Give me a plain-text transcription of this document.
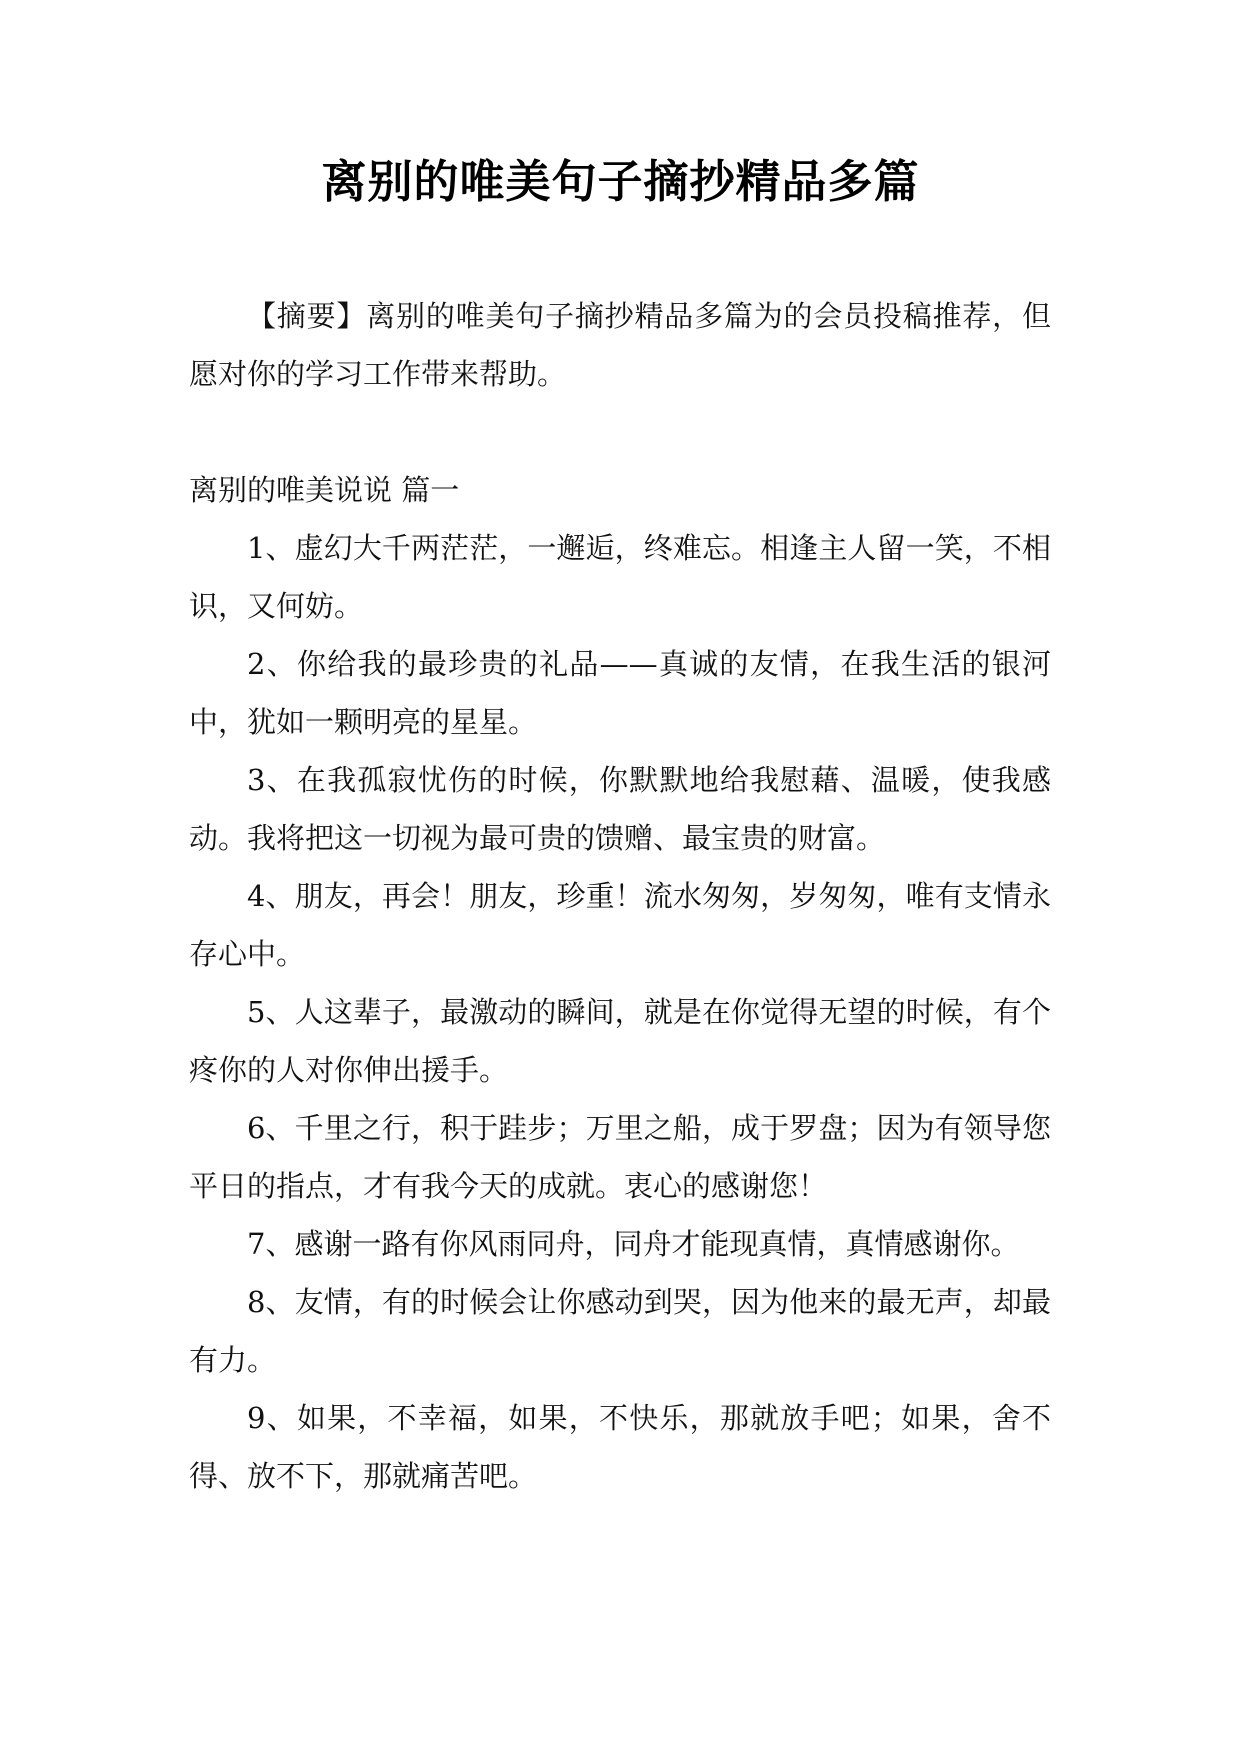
离别的唯美句子摘抄精品多篇

【摘要】离别的唯美句子摘抄精品多篇为的会员投稿推荐，但愿对你的学习工作带来帮助。

离别的唯美说说 篇一

1、虚幻大千两茫茫，一邂逅，终难忘。相逢主人留一笑，不相识，又何妨。

2、你给我的最珍贵的礼品——真诚的友情，在我生活的银河中，犹如一颗明亮的星星。

3、在我孤寂忧伤的时候，你默默地给我慰藉、温暖，使我感动。我将把这一切视为最可贵的馈赠、最宝贵的财富。

4、朋友，再会！朋友，珍重！流水匆匆，岁匆匆，唯有支情永存心中。

5、人这辈子，最激动的瞬间，就是在你觉得无望的时候，有个疼你的人对你伸出援手。

6、千里之行，积于跬步；万里之船，成于罗盘；因为有领导您平日的指点，才有我今天的成就。衷心的感谢您！

7、感谢一路有你风雨同舟，同舟才能现真情，真情感谢你。

8、友情，有的时候会让你感动到哭，因为他来的最无声，却最有力。

9、如果，不幸福，如果，不快乐，那就放手吧；如果，舍不得、放不下，那就痛苦吧。
